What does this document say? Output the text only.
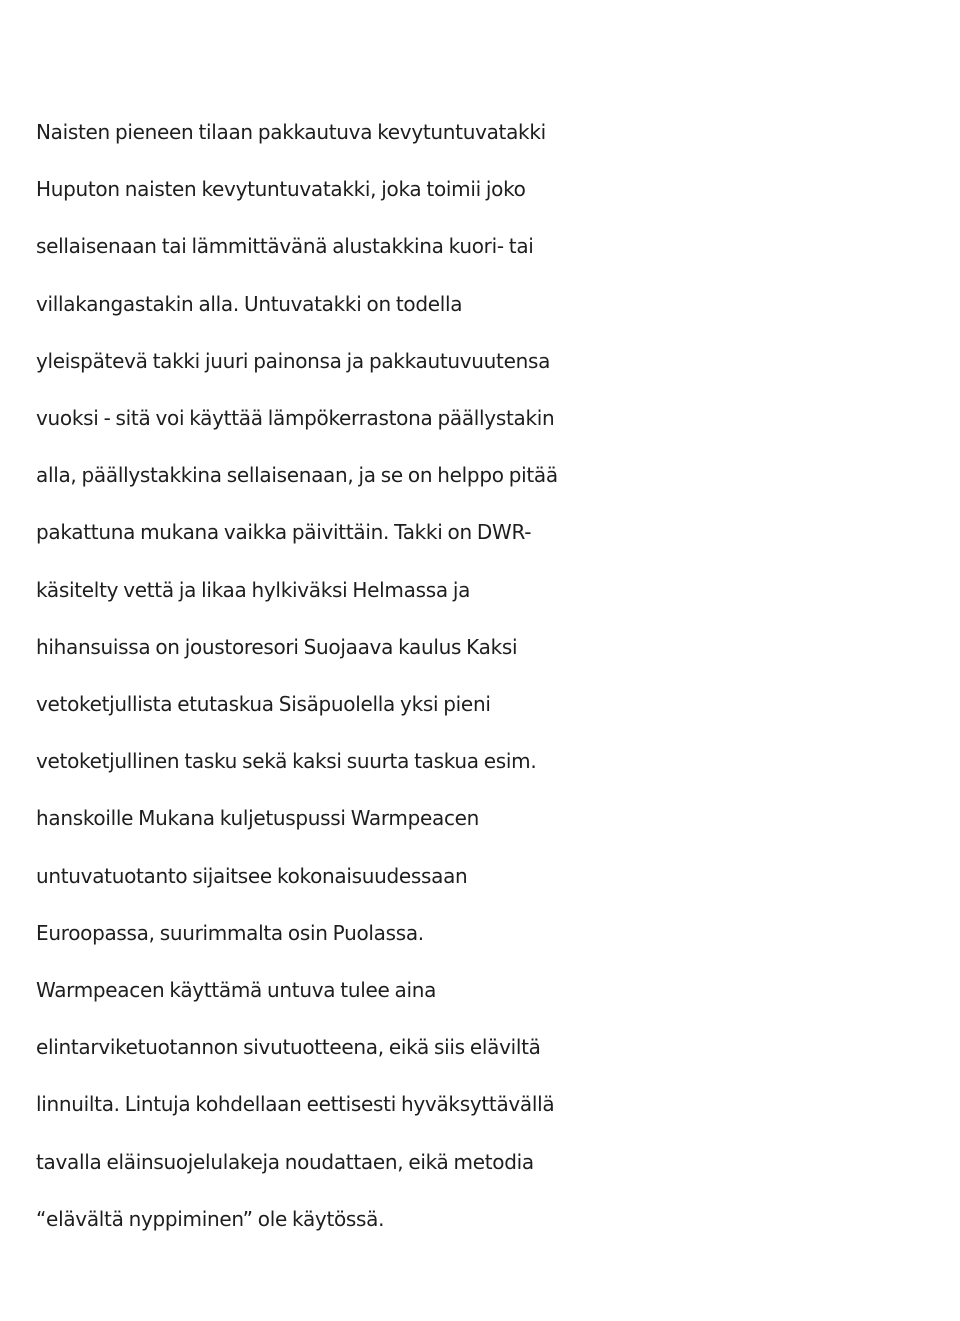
Naisten pieneen tilaan pakkautuva kevytuntuvatakki
Huputon naisten kevytuntuvatakki, joka toimii joko
sellaisenaan tai lämmittävänä alustakkina kuori- tai
villakangastakin alla. Untuvatakki on todella
yleispätevä takki juuri painonsa ja pakkautuvuutensa
vuoksi - sitä voi käyttää lämpökerrastona päällystakin
alla, päällystakkina sellaisenaan, ja se on helppo pitää
pakattuna mukana vaikka päivittäin. Takki on DWR-
käsitelty vettä ja likaa hylkiväksi Helmassa ja
hihansuissa on joustoresori Suojaava kaulus Kaksi
vetoketjullista etutaskua Sisäpuolella yksi pieni
vetoketjullinen tasku sekä kaksi suurta taskua esim.
hanskoille Mukana kuljetuspussi Warmpeacen
untuvatuotanto sijaitsee kokonaisuudessaan
Euroopassa, suurimmalta osin Puolassa.
Warmpeacen käyttämä untuva tulee aina
elintarviketuotannon sivutuotteena, eikä siis eläviltä
linnuilta. Lintuja kohdellaan eettisesti hyväksyttävällä
tavalla eläinsuojelulakeja noudattaen, eikä metodia
“elävältä nyppiminen” ole käytössä.
